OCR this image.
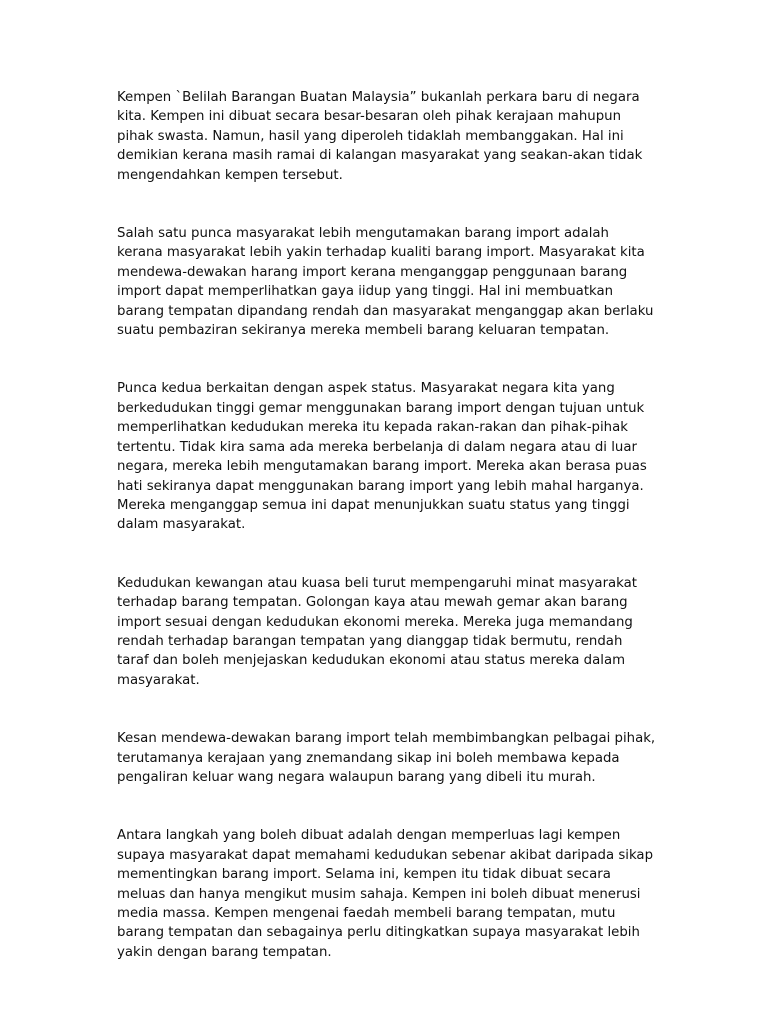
Kempen `Belilah Barangan Buatan Malaysia” bukanlah perkara baru di negara kita. Kempen ini dibuat secara besar-besaran oleh pihak kerajaan mahupun pihak swasta. Namun, hasil yang diperoleh tidaklah membanggakan. Hal ini demikian kerana masih ramai di kalangan masyarakat yang seakan-akan tidak mengendahkan kempen tersebut.

Salah satu punca masyarakat lebih mengutamakan barang import adalah kerana masyarakat lebih yakin terhadap kualiti barang import. Masyarakat kita mendewa-dewakan harang import kerana menganggap penggunaan barang import dapat memperlihatkan gaya iidup yang tinggi. Hal ini membuatkan barang tempatan dipandang rendah dan masyarakat menganggap akan berlaku suatu pembaziran sekiranya mereka membeli barang keluaran tempatan.

Punca kedua berkaitan dengan aspek status. Masyarakat negara kita yang berkedudukan tinggi gemar menggunakan barang import dengan tujuan untuk memperlihatkan kedudukan mereka itu kepada rakan-rakan dan pihak-pihak tertentu. Tidak kira sama ada mereka berbelanja di dalam negara atau di luar negara, mereka lebih mengutamakan barang import. Mereka akan berasa puas hati sekiranya dapat menggunakan barang import yang lebih mahal harganya. Mereka menganggap semua ini dapat menunjukkan suatu status yang tinggi dalam masyarakat.

Kedudukan kewangan atau kuasa beli turut mempengaruhi minat masyarakat terhadap barang tempatan. Golongan kaya atau mewah gemar akan barang import sesuai dengan kedudukan ekonomi mereka. Mereka juga memandang rendah terhadap barangan tempatan yang dianggap tidak bermutu, rendah taraf dan boleh menjejaskan kedudukan ekonomi atau status mereka dalam masyarakat.

Kesan mendewa-dewakan barang import telah membimbangkan pelbagai pihak, terutamanya kerajaan yang znemandang sikap ini boleh membawa kepada pengaliran keluar wang negara walaupun barang yang dibeli itu murah.

Antara langkah yang boleh dibuat adalah dengan memperluas lagi kempen supaya masyarakat dapat memahami kedudukan sebenar akibat daripada sikap mementingkan barang import. Selama ini, kempen itu tidak dibuat secara meluas dan hanya mengikut musim sahaja. Kempen ini boleh dibuat menerusi media massa. Kempen mengenai faedah membeli barang tempatan, mutu barang tempatan dan sebagainya perlu ditingkatkan supaya masyarakat lebih yakin dengan barang tempatan.
